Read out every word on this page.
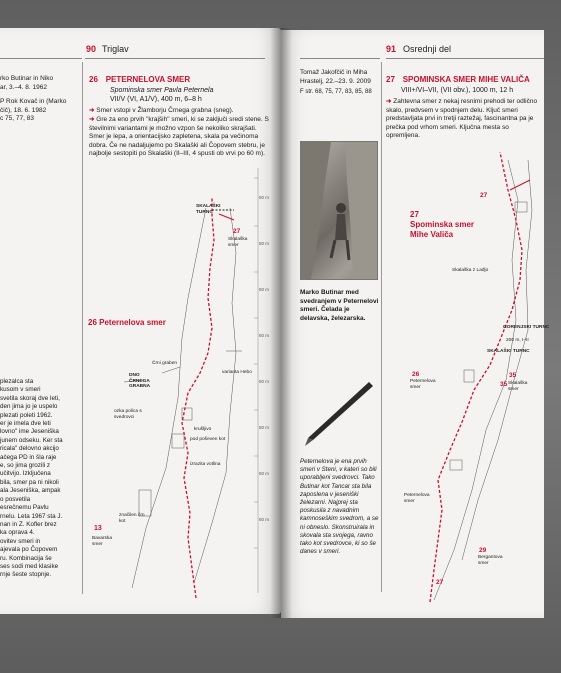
90 Triglav
rko Butinar in Niko
ar, 3.–4. 8. 1962
P Rok Kovač in (Marko
čič), 18. 6. 1982
c 75, 77, 83
26 PETERNELOVA SMER
Spominska smer Pavla Peternela
VII/V (VI, A1/V), 400 m, 6–8 h
➜ Smer vstopi v Žlamborju Črnega grabna (sneg).
➜ Gre za eno prvih "krajših" smeri, ki se zaključi sredi stene. S številnimi variantami je možno vzpon še nekoliko skrajšati. Smer je lepa, a orientacijsko zapletena, skala pa večinoma dobra. Če ne nadaljujemo po Skalaški ali Čopovem stebru, je najbolje sestopiti po Skalaški (II–III, 4 spusti ob vrvi po 60 m).
plezalca sta
kusom v smeri
svetila skoraj dve leti,
den jima jo je uspelo
plezati poleti 1962.
er je imela dve leti
lovno" ime Jeseniška
junem odseku. Ker sta
ricala" delovno akcijo
ačega PD in šla raje
e, so jima grozili z
učitvijo. Izključena
bila, smer pa ni nikoli
ala Jeseniška, ampak
o posvetila
esrečnemu Pavlu
rnelu. Leta 1967 sta J.
nan in Z. Kofler brez
ka oprava 4.
ovitev smeri in
ajevala po Čopovem
ru. Kombinacija še
ses sodi med klasike
rnje šeste stopnje.
50 m
50 m
50 m
50 m
50 m
50 m
50 m
50 m
SKALAŠKI TURNC
27
Skalaška smer
26 Peternelova smer
Črni graben
DNO ČRNEGA GRABNA
varianta Hebo
ozka polica s svedrovci
krušljivo
pod poševen kot
izrazita votlina
značilen črn kot
13
Bavarska smer
91 Osrednji del
Tomaž Jakofčič in Miha Hrastelj, 22.–23. 9. 2009
F str. 68, 75, 77, 83, 85, 88
Marko Butinar med svedranjem v Peternelovi smeri. Čelada je delavska, železarska.
Peternelova je ena prvih smeri v Steni, v kateri so bili uporabljeni svedrovci. Tako Butinar kot Tancar sta bila zaposlena v jeseniški železarni. Najprej sta poskusila z navadnim kamnoseškim svedrom, a se ni obneslo. Skonstruirala in skovala sta svojega, ravno tako kot svedrovce, ki so še danes v smeri.
27 SPOMINSKA SMER MIHE VALIČA
VIII+/VI–VII, (VII obv.), 1000 m, 12 h
➜ Zahtevna smer z nekaj resnimi prehodi ter odlično skalo, predvsem v spodnjem delu. Ključ smeri predstavljata prvi in tretji raztežaj, fascinantna pa je prečka pod vrhom smeri. Ključna mesta so opremljena.
27
27
Spominska smer
Mihe Valiča
Skalaška z Lađjo
GORENJSKI TURNC
200 m, I–II
SKALAŠKI TURNC
26
Peternelova smer
35
35 Skalaška smer
Peternelova smer
29
Bergantova smer
27
